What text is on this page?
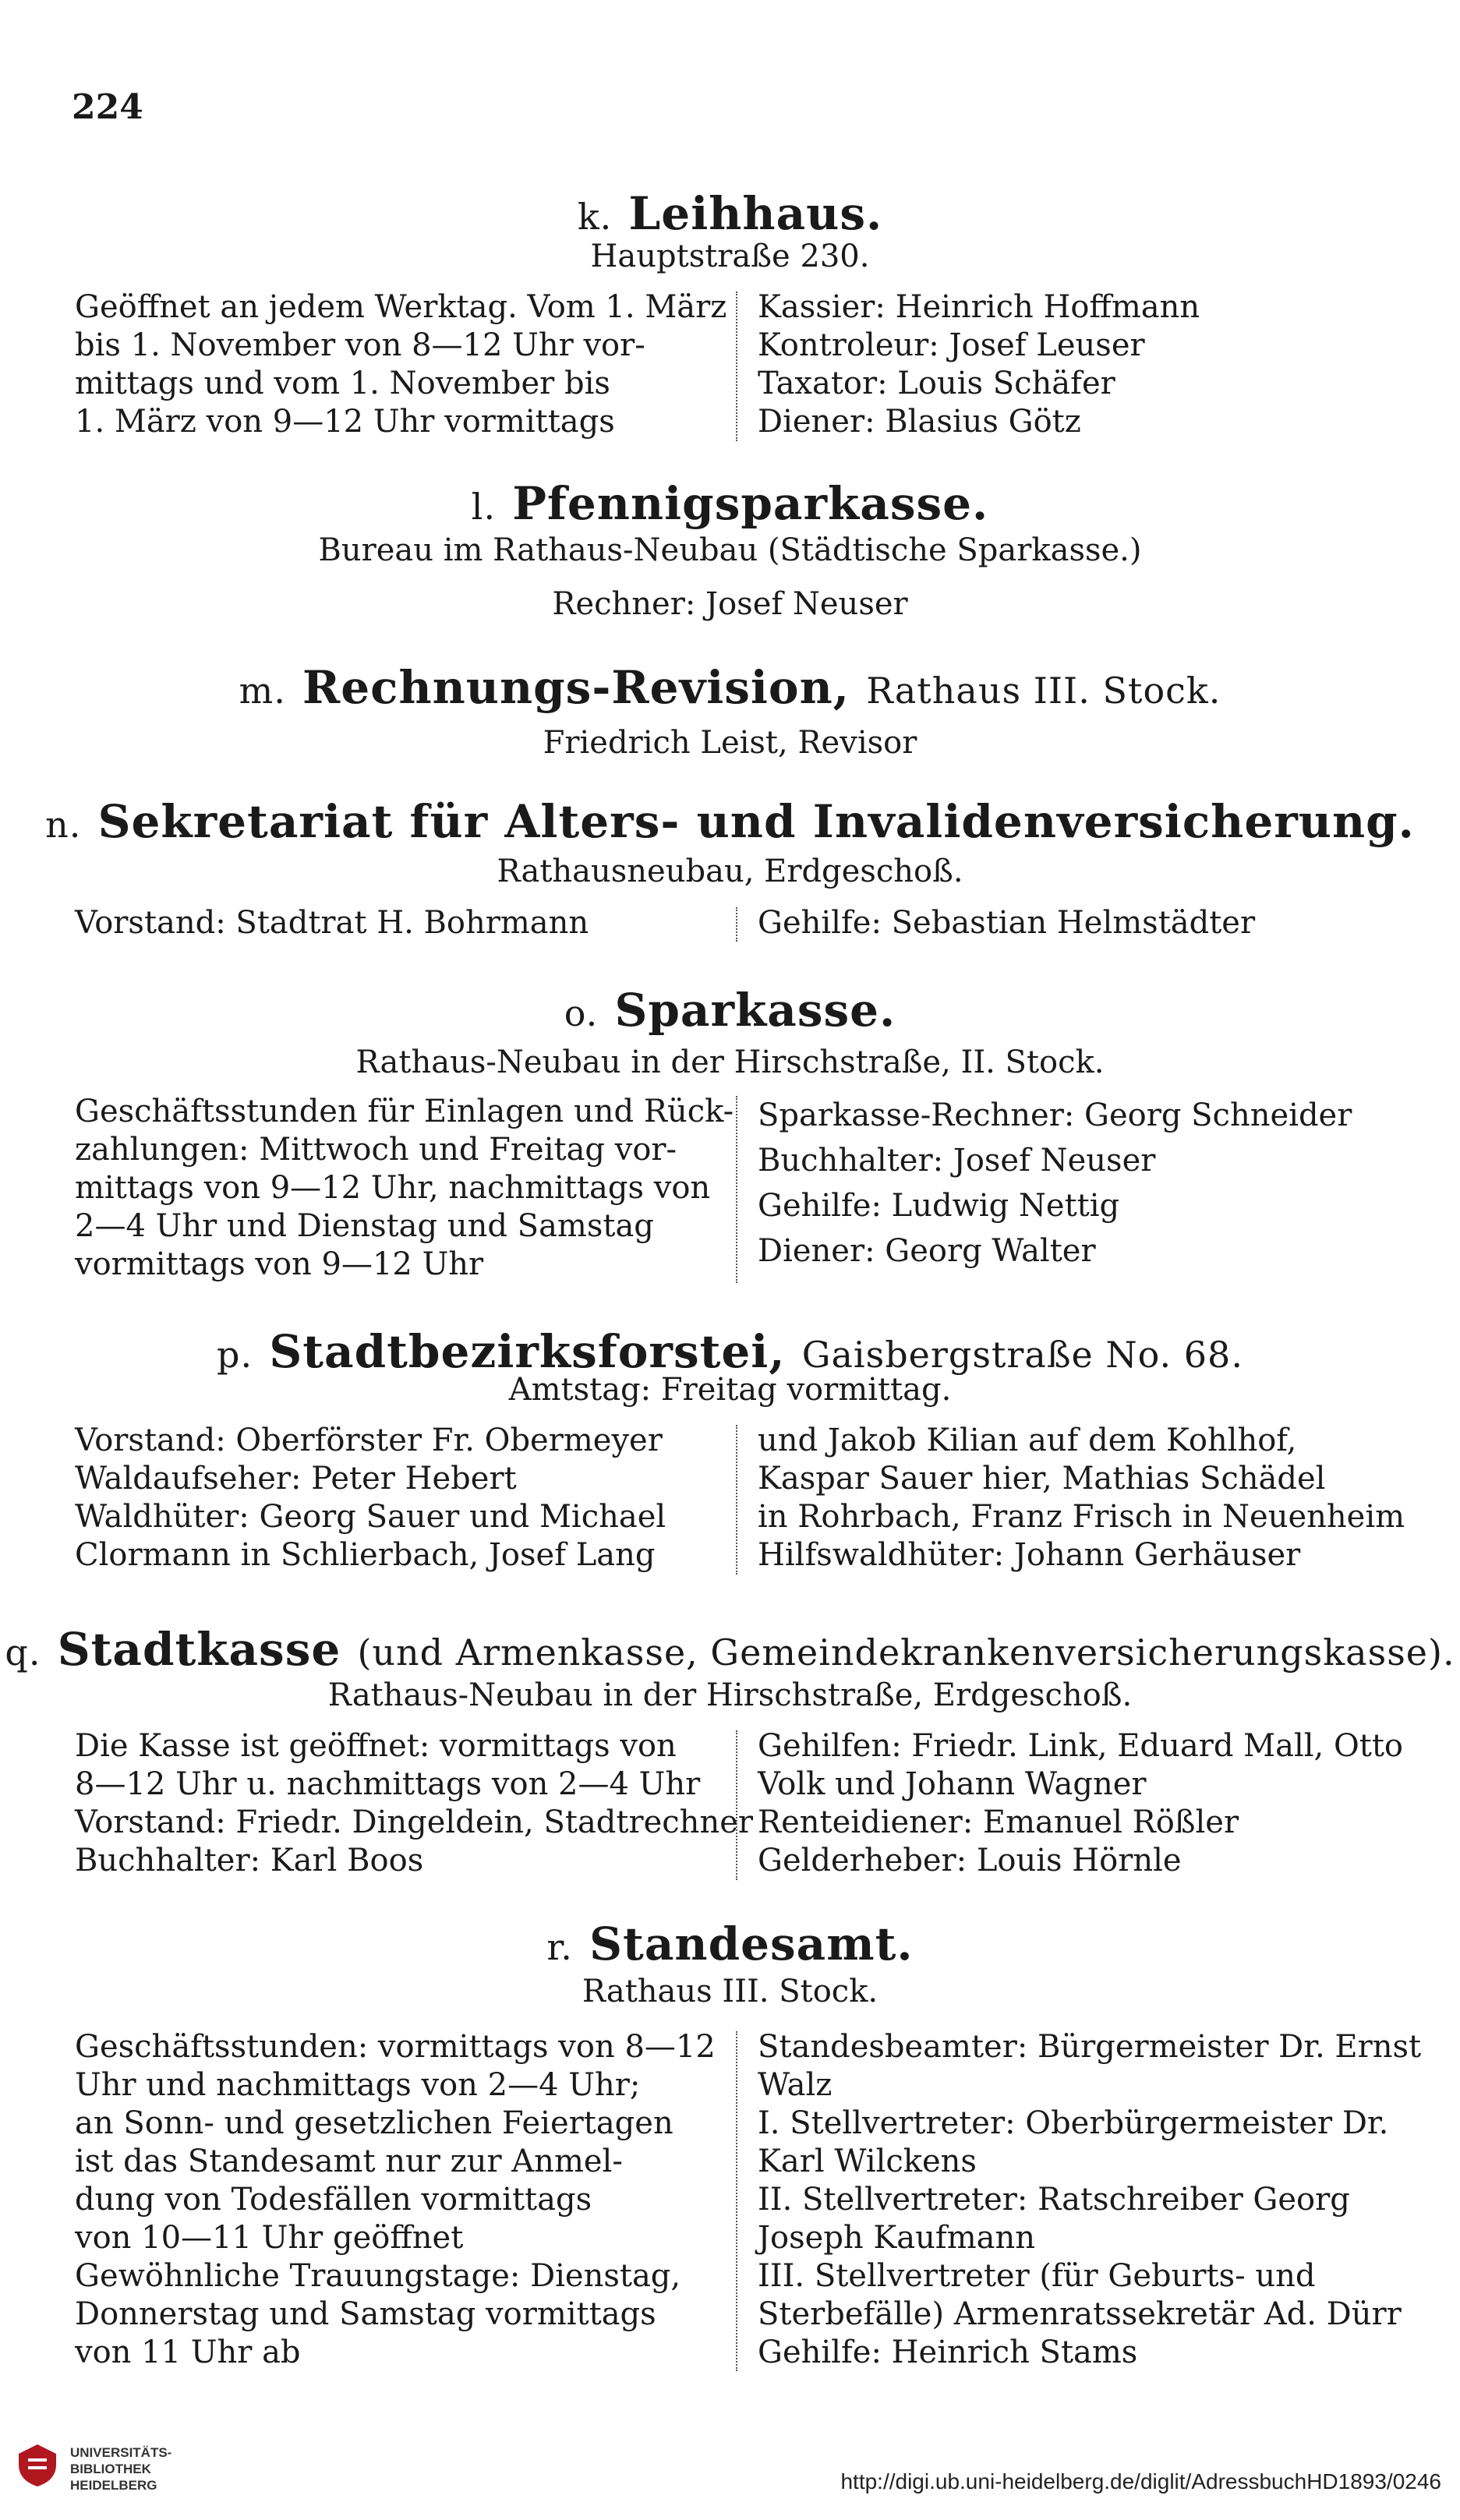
224
k. Leihhaus.
Hauptstraße 230.
Geöffnet an jedem Werktag. Vom 1. März
bis 1. November von 8—12 Uhr vor-
mittags und vom 1. November bis
1. März von 9—12 Uhr vormittags
Kassier: Heinrich Hoffmann
Kontroleur: Josef Leuser
Taxator: Louis Schäfer
Diener: Blasius Götz
l. Pfennigsparkasse.
Bureau im Rathaus-Neubau (Städtische Sparkasse.)
Rechner: Josef Neuser
m. Rechnungs-Revision, Rathaus III. Stock.
Friedrich Leist, Revisor
n. Sekretariat für Alters- und Invalidenversicherung.
Rathausneubau, Erdgeschoß.
Vorstand: Stadtrat H. Bohrmann	Gehilfe: Sebastian Helmstädter
o. Sparkasse.
Rathaus-Neubau in der Hirschstraße, II. Stock.
Geschäftsstunden für Einlagen und Rück-
zahlungen: Mittwoch und Freitag vor-
mittags von 9—12 Uhr, nachmittags von
2—4 Uhr und Dienstag und Samstag
vormittags von 9—12 Uhr
Sparkasse-Rechner: Georg Schneider
Buchhalter: Josef Neuser
Gehilfe: Ludwig Nettig
Diener: Georg Walter
p. Stadtbezirksforstei, Gaisbergstraße No. 68.
Amtstag: Freitag vormittag.
Vorstand: Oberförster Fr. Obermeyer
Waldaufseher: Peter Hebert
Waldhüter: Georg Sauer und Michael
Clormann in Schlierbach, Josef Lang
und Jakob Kilian auf dem Kohlhof,
Kaspar Sauer hier, Mathias Schädel
in Rohrbach, Franz Frisch in Neuenheim
Hilfswaldhüter: Johann Gerhäuser
q. Stadtkasse (und Armenkasse, Gemeindekrankenversicherungskasse).
Rathaus-Neubau in der Hirschstraße, Erdgeschoß.
Die Kasse ist geöffnet: vormittags von
8—12 Uhr u. nachmittags von 2—4 Uhr
Vorstand: Friedr. Dingeldein, Stadtrechner
Buchhalter: Karl Boos
Gehilfen: Friedr. Link, Eduard Mall, Otto
Volk und Johann Wagner
Renteidiener: Emanuel Rößler
Gelderheber: Louis Hörnle
r. Standesamt.
Rathaus III. Stock.
Geschäftsstunden: vormittags von 8—12
Uhr und nachmittags von 2—4 Uhr;
an Sonn- und gesetzlichen Feiertagen
ist das Standesamt nur zur Anmel-
dung von Todesfällen vormittags
von 10—11 Uhr geöffnet
Gewöhnliche Trauungstage: Dienstag,
Donnerstag und Samstag vormittags
von 11 Uhr ab
Standesbeamter: Bürgermeister Dr. Ernst
Walz
I. Stellvertreter: Oberbürgermeister Dr.
Karl Wilckens
II. Stellvertreter: Ratschreiber Georg
Joseph Kaufmann
III. Stellvertreter (für Geburts- und
Sterbefälle) Armenratssekretär Ad. Dürr
Gehilfe: Heinrich Stams
UNIVERSITÄTS-
BIBLIOTHEK
HEIDELBERG	http://digi.ub.uni-heidelberg.de/diglit/AdressbuchHD1893/0246
